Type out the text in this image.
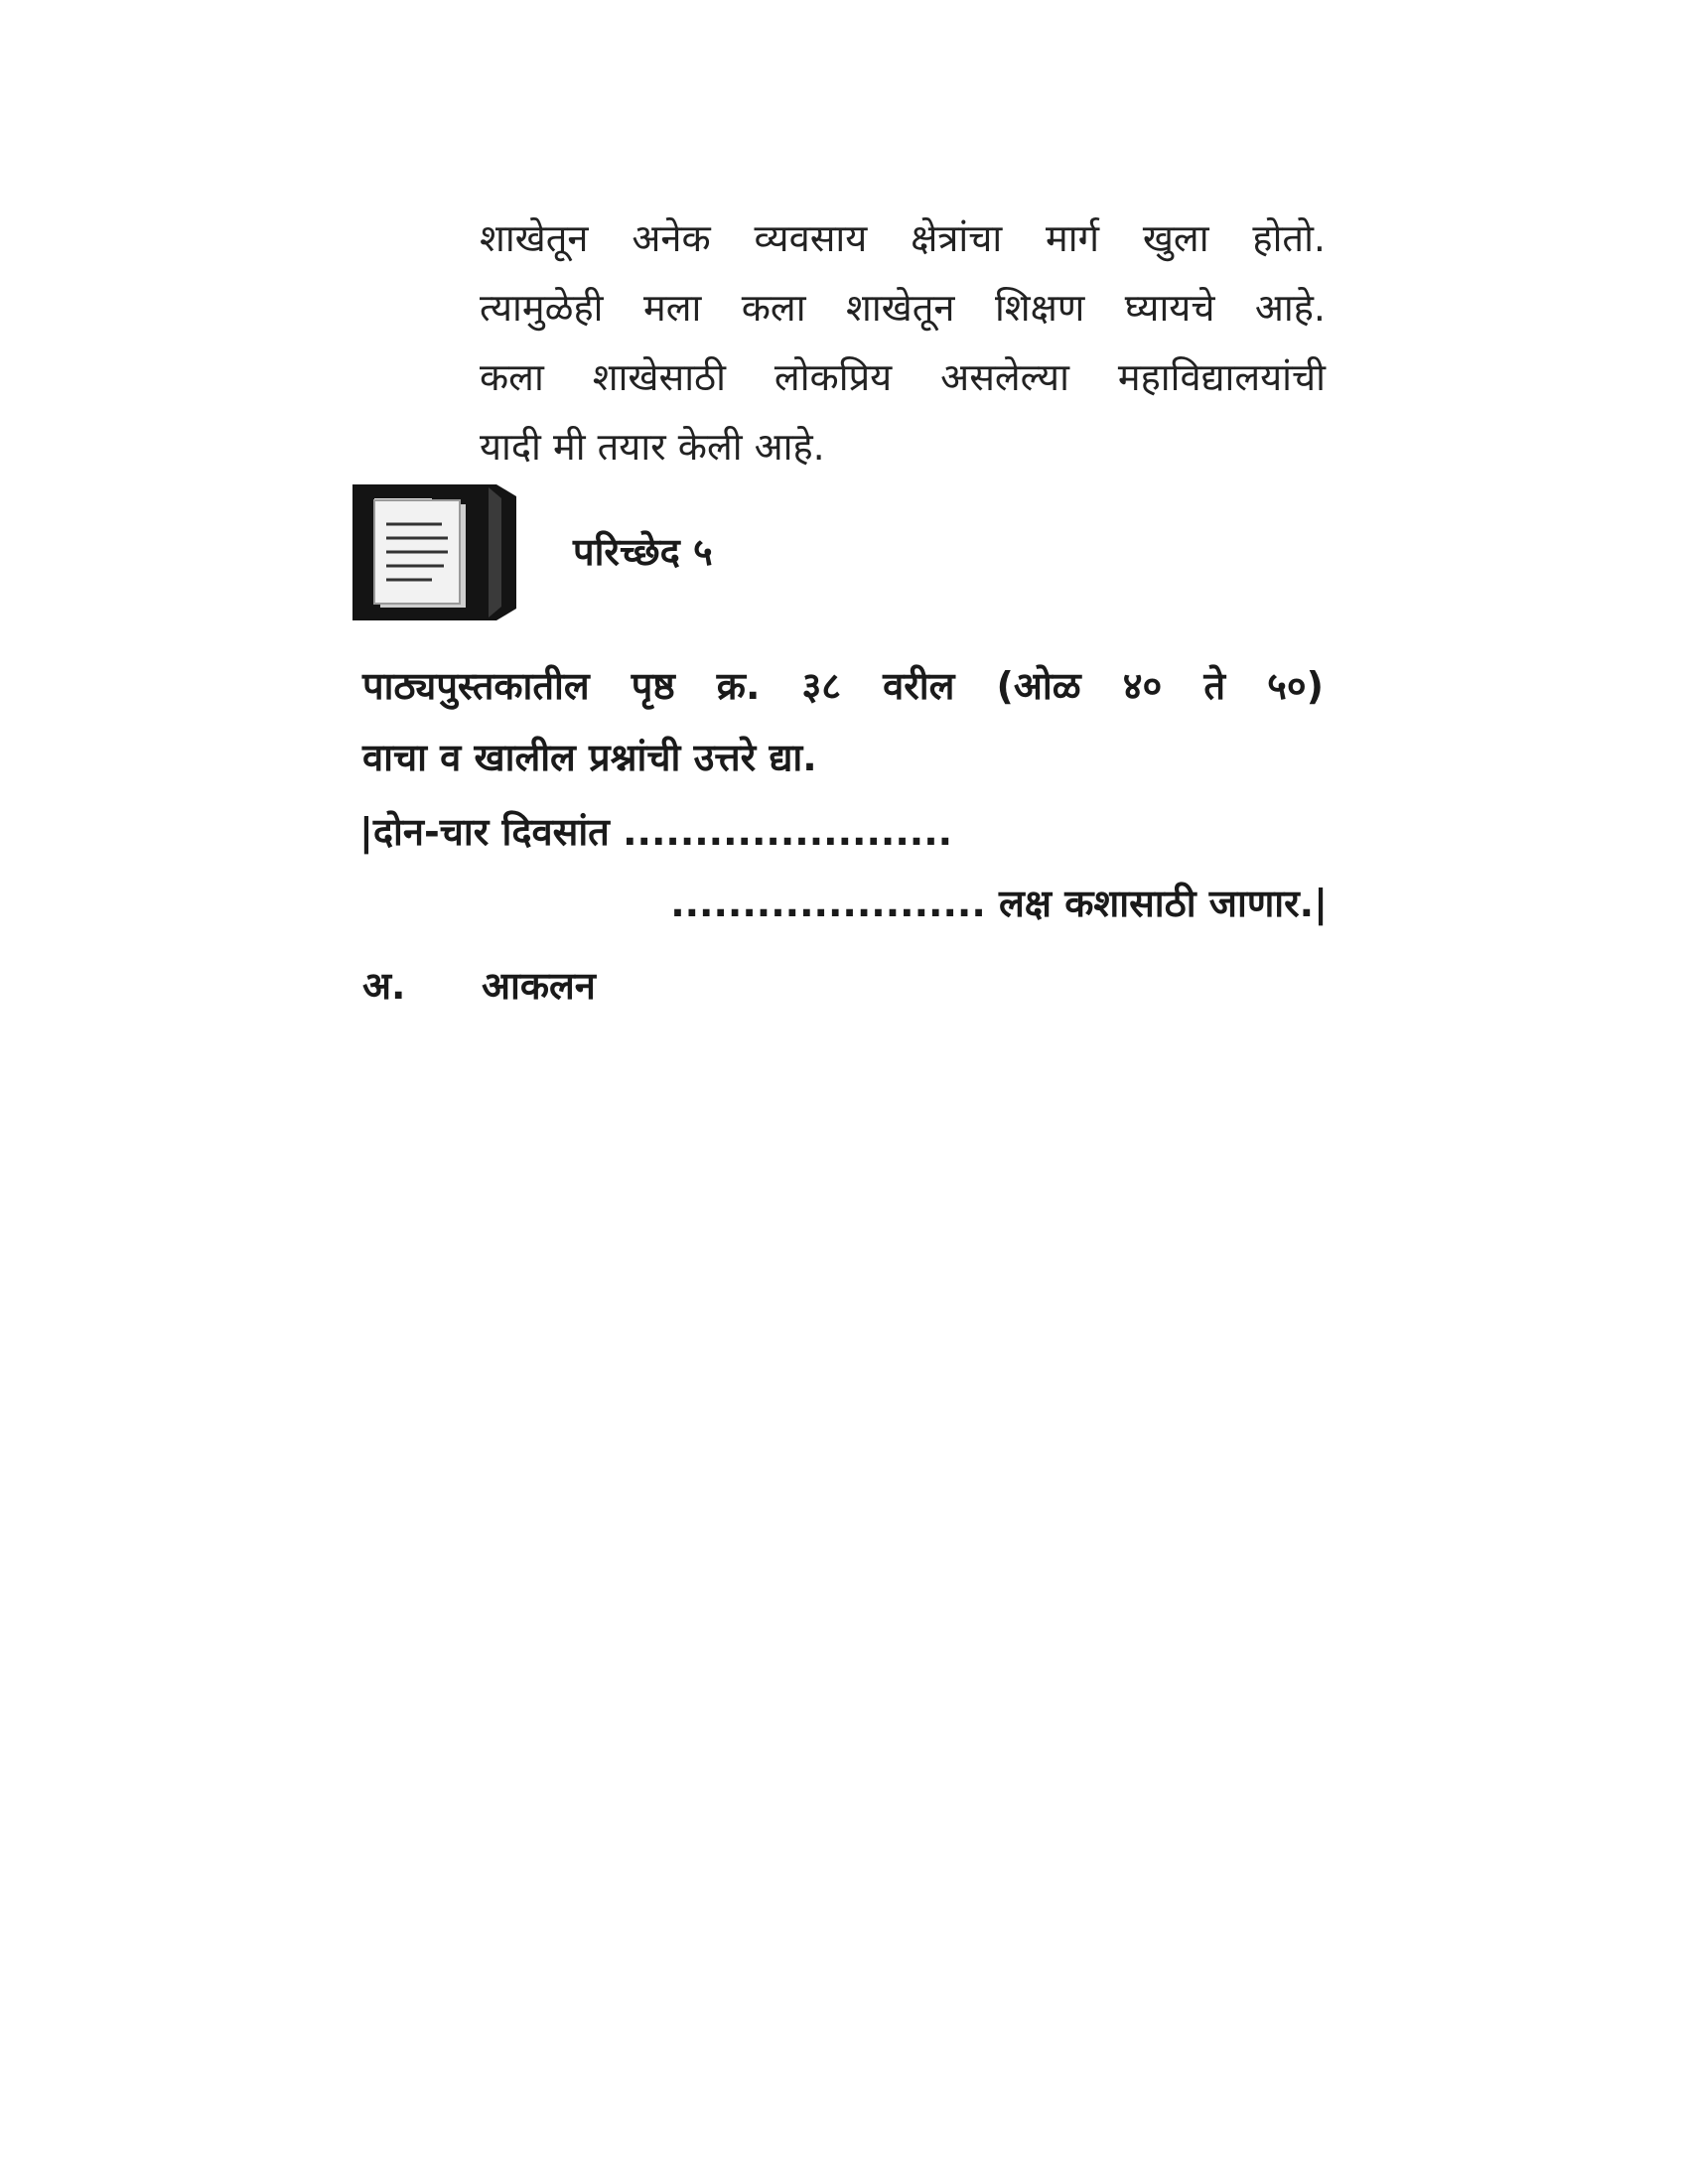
शाखेतून अनेक व्यवसाय क्षेत्रांचा मार्ग खुला होतो.
त्यामुळेही मला कला शाखेतून शिक्षण घ्यायचे आहे.
कला शाखेसाठी लोकप्रिय असलेल्या महाविद्यालयांची
यादी मी तयार केली आहे.
परिच्छेद ५
पाठ्यपुस्तकातील पृष्ठ क्र. ३८ वरील (ओळ ४० ते ५०)
वाचा व खालील प्रश्नांची उत्तरे द्या.
|दोन-चार दिवसांत .......................
...................... लक्ष कशासाठी जाणार.|
अ. आकलन
